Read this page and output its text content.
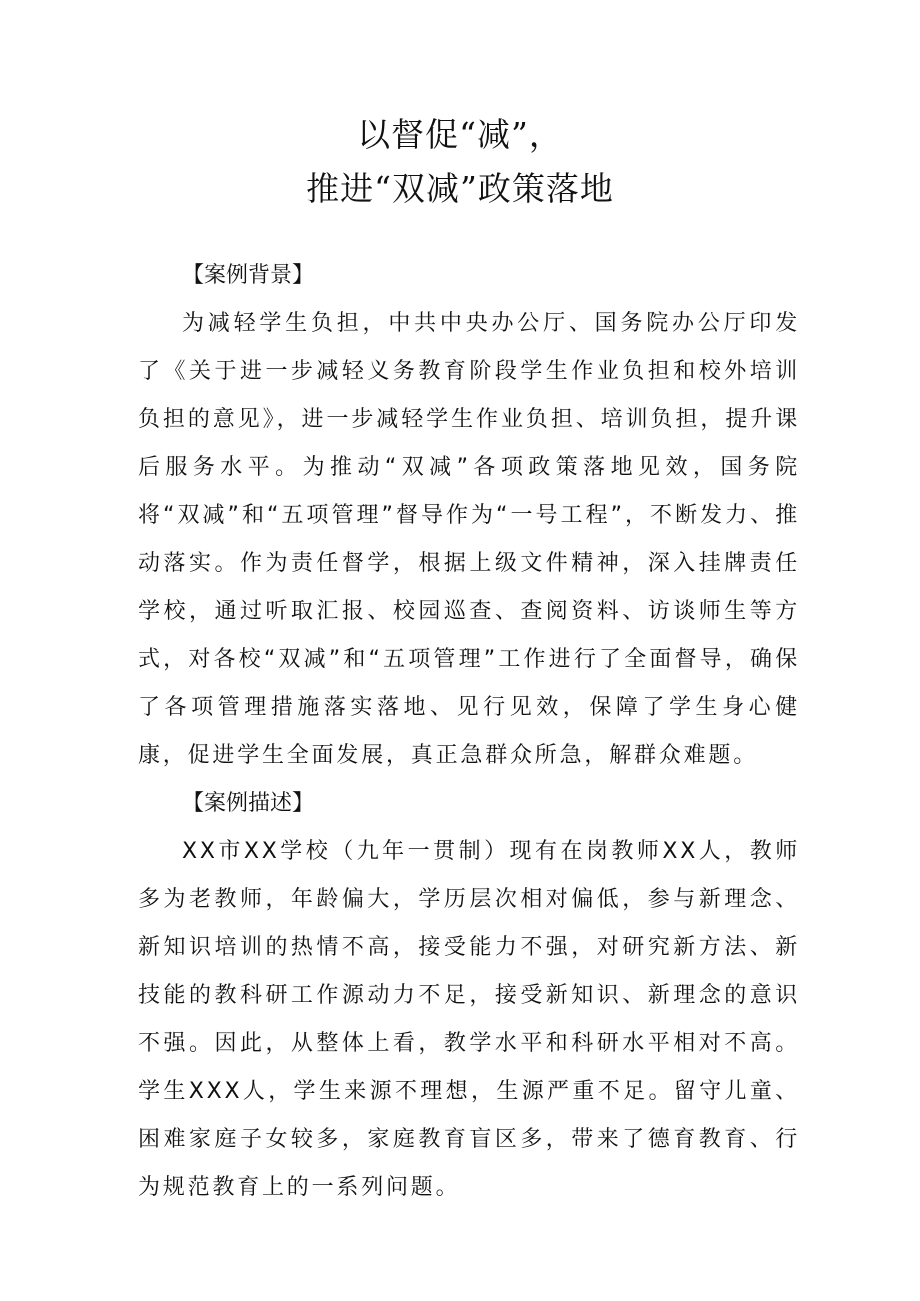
以督促“减”，
推进“双减”政策落地

【案例背景】

为减轻学生负担，中共中央办公厅、国务院办公厅印发了《关于进一步减轻义务教育阶段学生作业负担和校外培训负担的意见》，进一步减轻学生作业负担、培训负担，提升课后服务水平。为推动“双减”各项政策落地见效，国务院将“双减”和“五项管理”督导作为“一号工程”，不断发力、推动落实。作为责任督学，根据上级文件精神，深入挂牌责任学校，通过听取汇报、校园巡查、查阅资料、访谈师生等方式，对各校“双减”和“五项管理”工作进行了全面督导，确保了各项管理措施落实落地、见行见效，保障了学生身心健康，促进学生全面发展，真正急群众所急，解群众难题。

【案例描述】

XX市XX学校（九年一贯制）现有在岗教师XX人，教师多为老教师，年龄偏大，学历层次相对偏低，参与新理念、新知识培训的热情不高，接受能力不强，对研究新方法、新技能的教科研工作源动力不足，接受新知识、新理念的意识不强。因此，从整体上看，教学水平和科研水平相对不高。学生XXX人，学生来源不理想，生源严重不足。留守儿童、困难家庭子女较多，家庭教育盲区多，带来了德育教育、行为规范教育上的一系列问题。
